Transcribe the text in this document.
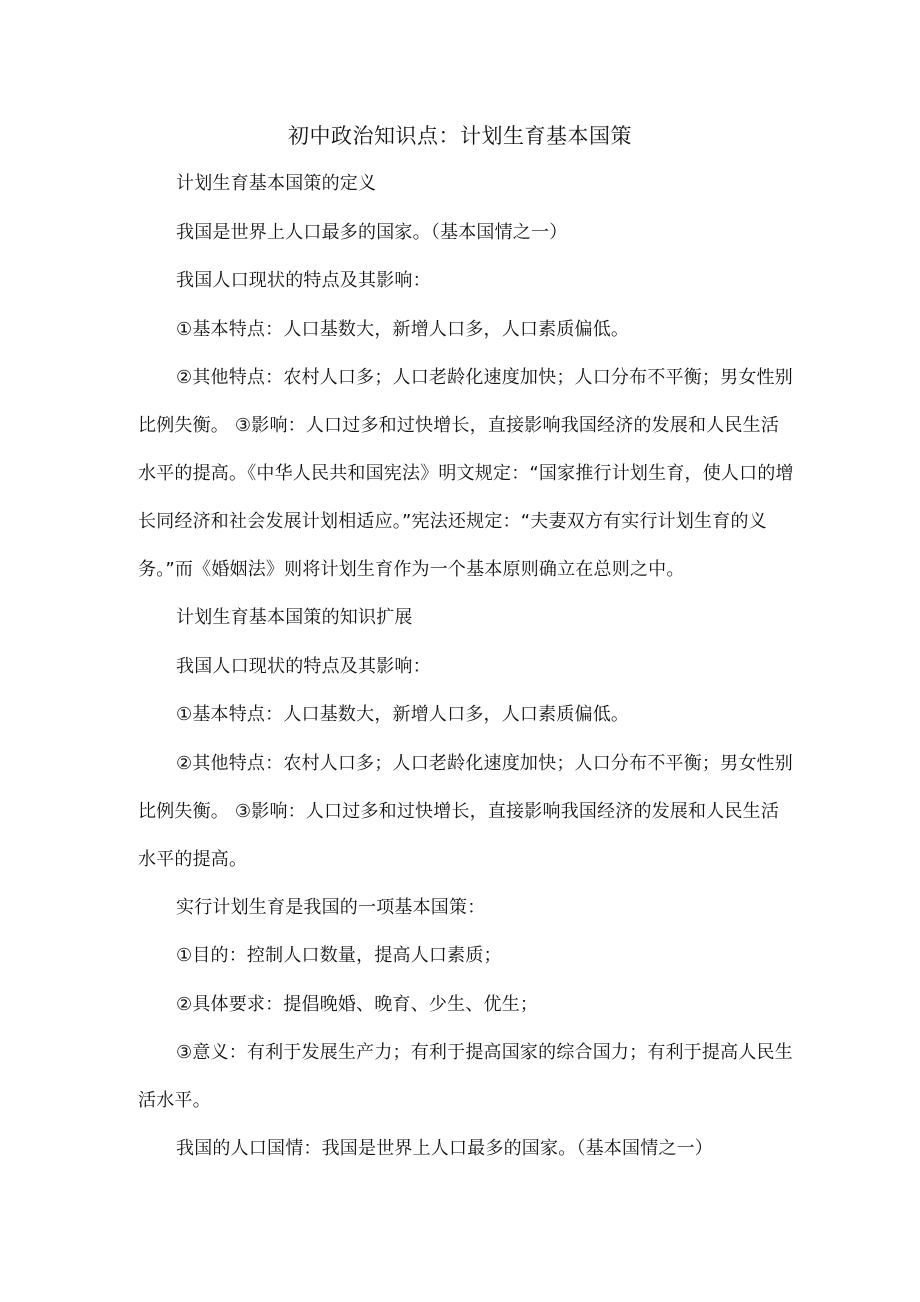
初中政治知识点：计划生育基本国策

计划生育基本国策的定义

我国是世界上人口最多的国家。（基本国情之一）

我国人口现状的特点及其影响：

①基本特点：人口基数大，新增人口多，人口素质偏低。

②其他特点：农村人口多；人口老龄化速度加快；人口分布不平衡；男女性别比例失衡。 ③影响：人口过多和过快增长，直接影响我国经济的发展和人民生活水平的提高。《中华人民共和国宪法》明文规定：“国家推行计划生育，使人口的增长同经济和社会发展计划相适应。”宪法还规定：“夫妻双方有实行计划生育的义务。”而《婚姻法》则将计划生育作为一个基本原则确立在总则之中。

计划生育基本国策的知识扩展

我国人口现状的特点及其影响：

①基本特点：人口基数大，新增人口多，人口素质偏低。

②其他特点：农村人口多；人口老龄化速度加快；人口分布不平衡；男女性别比例失衡。 ③影响：人口过多和过快增长，直接影响我国经济的发展和人民生活水平的提高。

实行计划生育是我国的一项基本国策：

①目的：控制人口数量，提高人口素质；

②具体要求：提倡晚婚、晚育、少生、优生；

③意义：有利于发展生产力；有利于提高国家的综合国力；有利于提高人民生活水平。

我国的人口国情：我国是世界上人口最多的国家。（基本国情之一）
